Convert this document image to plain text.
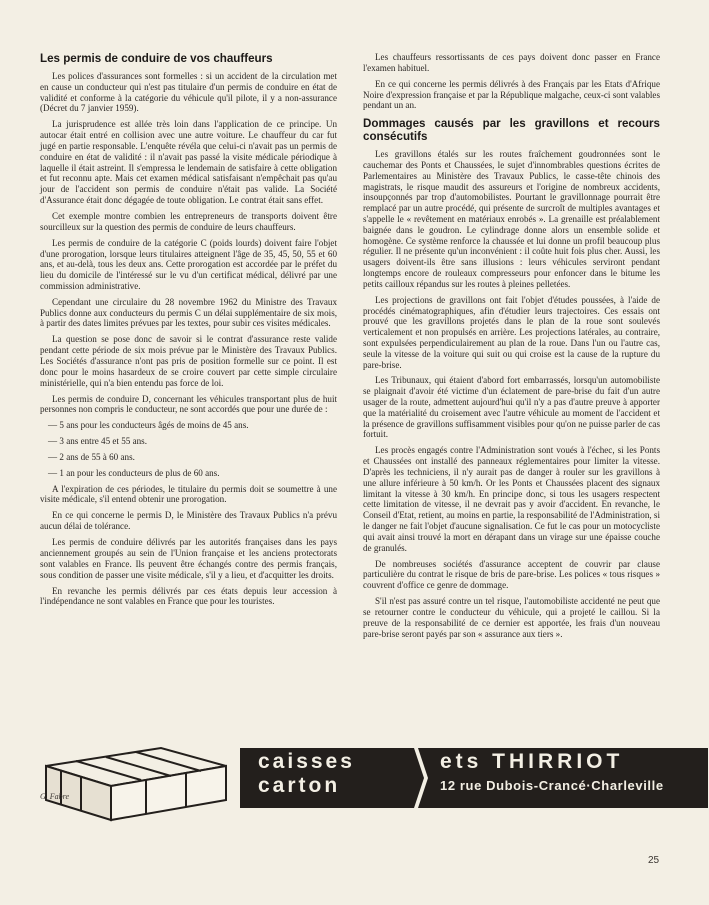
Les permis de conduire de vos chauffeurs

Les polices d'assurances sont formelles : si un accident de la circulation met en cause un conducteur qui n'est pas titulaire d'un permis de conduire en état de validité et conforme à la catégorie du véhicule qu'il pilote, il y a non-assurance (Décret du 7 janvier 1959).

La jurisprudence est allée très loin dans l'application de ce principe. Un autocar était entré en collision avec une autre voiture. Le chauffeur du car fut jugé en partie responsable. L'enquête révéla que celui-ci n'avait pas un permis de conduire en état de validité : il n'avait pas passé la visite médicale périodique à laquelle il était astreint. Il s'empressa le lendemain de satisfaire à cette obligation et fut reconnu apte. Mais cet examen médical satisfaisant n'empêchait pas qu'au jour de l'accident son permis de conduire n'était pas valide. La Société d'Assurance était donc dégagée de toute obligation. Le contrat était sans effet.

Cet exemple montre combien les entrepreneurs de transports doivent être sourcilleux sur la question des permis de conduire de leurs chauffeurs.

Les permis de conduire de la catégorie C (poids lourds) doivent faire l'objet d'une prorogation, lorsque leurs titulaires atteignent l'âge de 35, 45, 50, 55 et 60 ans, et au-delà, tous les deux ans. Cette prorogation est accordée par le préfet du lieu du domicile de l'intéressé sur le vu d'un certificat médical, délivré par une commission administrative.

Cependant une circulaire du 28 novembre 1962 du Ministre des Travaux Publics donne aux conducteurs du permis C un délai supplémentaire de six mois, à partir des dates limites prévues par les textes, pour subir ces visites médicales.

La question se pose donc de savoir si le contrat d'assurance reste valide pendant cette période de six mois prévue par le Ministère des Travaux Publics. Les Sociétés d'assurance n'ont pas pris de position formelle sur ce point. Il est donc pour le moins hasardeux de se croire couvert par cette simple circulaire ministérielle, qui n'a bien entendu pas force de loi.

Les permis de conduire D, concernant les véhicules transportant plus de huit personnes non compris le conducteur, ne sont accordés que pour une durée de :

— 5 ans pour les conducteurs âgés de moins de 45 ans.

— 3 ans entre 45 et 55 ans.

— 2 ans de 55 à 60 ans.

— 1 an pour les conducteurs de plus de 60 ans.

A l'expiration de ces périodes, le titulaire du permis doit se soumettre à une visite médicale, s'il entend obtenir une prorogation.

En ce qui concerne le permis D, le Ministère des Travaux Publics n'a prévu aucun délai de tolérance.

Les permis de conduire délivrés par les autorités françaises dans les pays anciennement groupés au sein de l'Union française et les anciens protectorats sont valables en France. Ils peuvent être échangés contre des permis français, sous condition de passer une visite médicale, s'il y a lieu, et d'acquitter les droits.

En revanche les permis délivrés par ces états depuis leur accession à l'indépendance ne sont valables en France que pour les touristes.

Les chauffeurs ressortissants de ces pays doivent donc passer en France l'examen habituel.

En ce qui concerne les permis délivrés à des Français par les Etats d'Afrique Noire d'expression française et par la République malgache, ceux-ci sont valables pendant un an.

Dommages causés par les gravillons et recours consécutifs

Les gravillons étalés sur les routes fraîchement goudronnées sont le cauchemar des Ponts et Chaussées, le sujet d'innombrables questions écrites de Parlementaires au Ministère des Travaux Publics, le casse-tête chinois des magistrats, le risque maudit des assureurs et l'origine de nombreux accidents, insoupçonnés par trop d'automobilistes. Pourtant le gravillonnage pourrait être remplacé par un autre procédé, qui présente de surcroît de multiples avantages et s'appelle le « revêtement en matériaux enrobés ». La grenaille est préalablement baignée dans le goudron. Le cylindrage donne alors un ensemble solide et homogène. Ce système renforce la chaussée et lui donne un profil beaucoup plus régulier. Il ne présente qu'un inconvénient : il coûte huit fois plus cher. Aussi, les usagers doivent-ils être sans illusions : leurs véhicules serviront pendant longtemps encore de rouleaux compresseurs pour enfoncer dans le bitume les petits cailloux répandus sur les routes à pleines pelletées.

Les projections de gravillons ont fait l'objet d'études poussées, à l'aide de procédés cinématographiques, afin d'étudier leurs trajectoires. Ces essais ont prouvé que les gravillons projetés dans le plan de la roue sont soulevés verticalement et non propulsés en arrière. Les projections latérales, au contraire, sont expulsées perpendiculairement au plan de la roue. Dans l'un ou l'autre cas, seule la vitesse de la voiture qui suit ou qui croise est la cause de la rupture du pare-brise.

Les Tribunaux, qui étaient d'abord fort embarrassés, lorsqu'un automobiliste se plaignait d'avoir été victime d'un éclatement de pare-brise du fait d'un autre usager de la route, admettent aujourd'hui qu'il n'y a pas d'autre preuve à apporter que la matérialité du croisement avec l'autre véhicule au moment de l'accident et la présence de gravillons suffisamment visibles pour qu'on ne puisse parler de cas fortuit.

Les procès engagés contre l'Administration sont voués à l'échec, si les Ponts et Chaussées ont installé des panneaux réglementaires pour limiter la vitesse. D'après les techniciens, il n'y aurait pas de danger à rouler sur les gravillons à une allure inférieure à 50 km/h. Or les Ponts et Chaussées placent des signaux limitant la vitesse à 30 km/h. En principe donc, si tous les usagers respectent cette limitation de vitesse, il ne devrait pas y avoir d'accident. En revanche, le Conseil d'Etat, retient, au moins en partie, la responsabilité de l'Administration, si le danger ne fait l'objet d'aucune signalisation. Ce fut le cas pour un motocycliste qui avait ainsi trouvé la mort en dérapant dans un virage sur une épaisse couche de granulés.

De nombreuses sociétés d'assurance acceptent de couvrir par clause particulière du contrat le risque de bris de pare-brise. Les polices « tous risques » couvrent d'office ce genre de dommage.

S'il n'est pas assuré contre un tel risque, l'automobiliste accidenté ne peut que se retourner contre le conducteur du véhicule, qui a projeté le caillou. Si la preuve de la responsabilité de ce dernier est apportée, les frais d'un nouveau pare-brise seront payés par son « assurance aux tiers ».

G. Fabre
caisses
carton
ets THIRRIOT
12 rue Dubois-Crancé·Charleville
25
